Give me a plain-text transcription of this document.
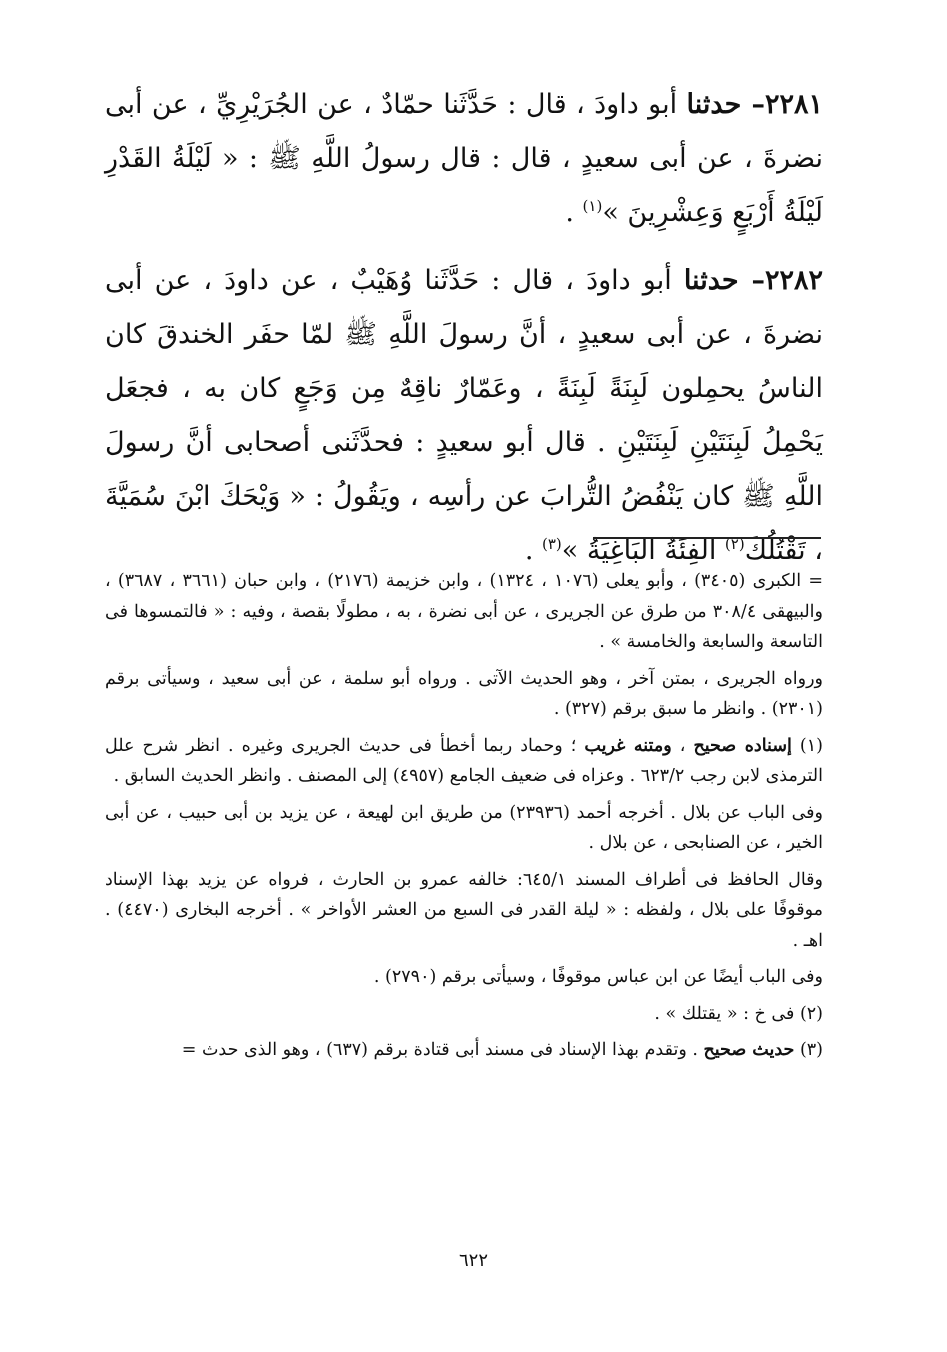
٢٢٨١– حدثنا أبو داودَ ، قال : حَدَّثَنا حمّادٌ ، عن الجُرَيْرِيِّ ، عن أبى نضرةَ ، عن أبى سعيدٍ ، قال : قال رسولُ اللَّهِ ﷺ : « لَيْلَةُ القَدْرِ لَيْلَةُ أَرْبَعٍ وَعِشْرِينَ »$^{(١)}$ .

٢٢٨٢– حدثنا أبو داودَ ، قال : حَدَّثَنا وُهَيْبٌ ، عن داودَ ، عن أبى نضرةَ ، عن أبى سعيدٍ ، أنَّ رسولَ اللَّهِ ﷺ لمّا حفَر الخندقَ كان الناسُ يحمِلون لَبِنَةً لَبِنَةً ، وعَمّارٌ ناقِهٌ مِن وَجَعٍ كان به ، فجعَل يَحْمِلُ لَبِنَتَيْنِ لَبِنَتَيْنِ . قال أبو سعيدٍ : فحدَّثَنى أصحابى أنَّ رسولَ اللَّهِ ﷺ كان يَنْفُضُ التُّرابَ عن رأسِه ، ويَقُولُ : « وَيْحَكَ ابْنَ سُمَيَّةَ ، تَقْتُلُكَ$^{(٢)}$ الفِئَةُ البَاغِيَةُ »$^{(٣)}$ .

= الكبرى (٣٤٠٥) ، وأبو يعلى (١٠٧٦ ، ١٣٢٤) ، وابن خزيمة (٢١٧٦) ، وابن حبان (٣٦٦١ ، ٣٦٨٧) ، والبيهقى ٣٠٨/٤ من طرق عن الجريرى ، عن أبى نضرة ، به ، مطولًا بقصة ، وفيه : « فالتمسوها فى التاسعة والسابعة والخامسة » .

ورواه الجريرى ، بمتن آخر ، وهو الحديث الآتى . ورواه أبو سلمة ، عن أبى سعيد ، وسيأتى برقم (٢٣٠١) . وانظر ما سبق برقم (٣٢٧) .

(١) إسناده صحيح ، ومتنه غريب ؛ وحماد ربما أخطأ فى حديث الجريرى وغيره . انظر شرح علل الترمذى لابن رجب ٦٢٣/٢ . وعزاه فى ضعيف الجامع (٤٩٥٧) إلى المصنف . وانظر الحديث السابق .

وفى الباب عن بلال . أخرجه أحمد (٢٣٩٣٦) من طريق ابن لهيعة ، عن يزيد بن أبى حبيب ، عن أبى الخير ، عن الصنابحى ، عن بلال .

وقال الحافظ فى أطراف المسند ٦٤٥/١: خالفه عمرو بن الحارث ، فرواه عن يزيد بهذا الإسناد موقوفًا على بلال ، ولفظه : « ليلة القدر فى السبع من العشر الأواخر » . أخرجه البخارى (٤٤٧٠) . اهـ .

وفى الباب أيضًا عن ابن عباس موقوفًا ، وسيأتى برقم (٢٧٩٠) .

(٢) فى خ : « يقتلك » .

(٣) حديث صحيح . وتقدم بهذا الإسناد فى مسند أبى قتادة برقم (٦٣٧) ، وهو الذى حدث =

٦٢٢
